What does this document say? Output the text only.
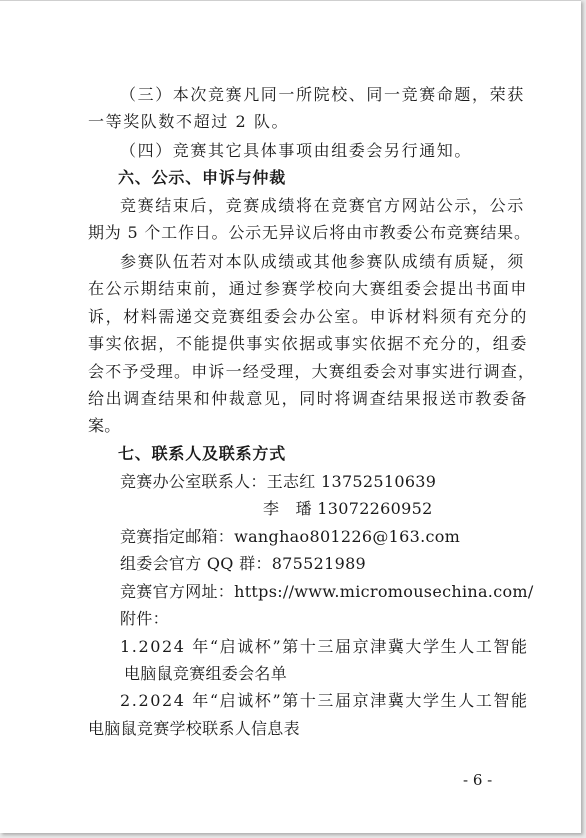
（三）本次竞赛凡同一所院校、同一竞赛命题，荣获
一等奖队数不超过 2 队。
（四）竞赛其它具体事项由组委会另行通知。
六、公示、申诉与仲裁
竞赛结束后，竞赛成绩将在竞赛官方网站公示，公示
期为 5 个工作日。公示无异议后将由市教委公布竞赛结果。
参赛队伍若对本队成绩或其他参赛队成绩有质疑，须
在公示期结束前，通过参赛学校向大赛组委会提出书面申
诉，材料需递交竞赛组委会办公室。申诉材料须有充分的
事实依据，不能提供事实依据或事实依据不充分的，组委
会不予受理。申诉一经受理，大赛组委会对事实进行调查，
给出调查结果和仲裁意见，同时将调查结果报送市教委备
案。
七、联系人及联系方式
竞赛办公室联系人：王志红 13752510639
李　璠 13072260952
竞赛指定邮箱：wanghao801226@163.com
组委会官方 QQ 群：875521989
竞赛官方网址：https://www.micromousechina.com/
附件：
1.2024 年“启诚杯”第十三届京津冀大学生人工智能
电脑鼠竞赛组委会名单
2.2024 年“启诚杯”第十三届京津冀大学生人工智能
电脑鼠竞赛学校联系人信息表
- 6 -
